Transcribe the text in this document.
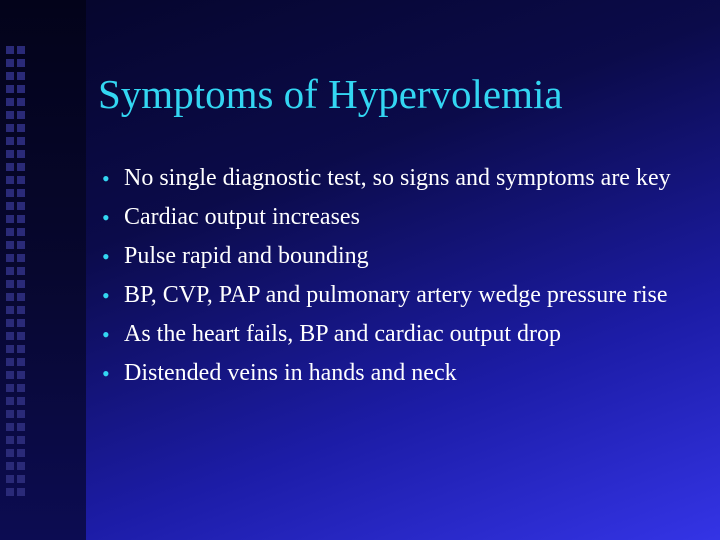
Symptoms of Hypervolemia
• No single diagnostic test, so signs and symptoms are key
• Cardiac output increases
• Pulse rapid and bounding
• BP, CVP, PAP and pulmonary artery wedge pressure rise
• As the heart fails, BP and cardiac output drop
• Distended veins in hands and neck
